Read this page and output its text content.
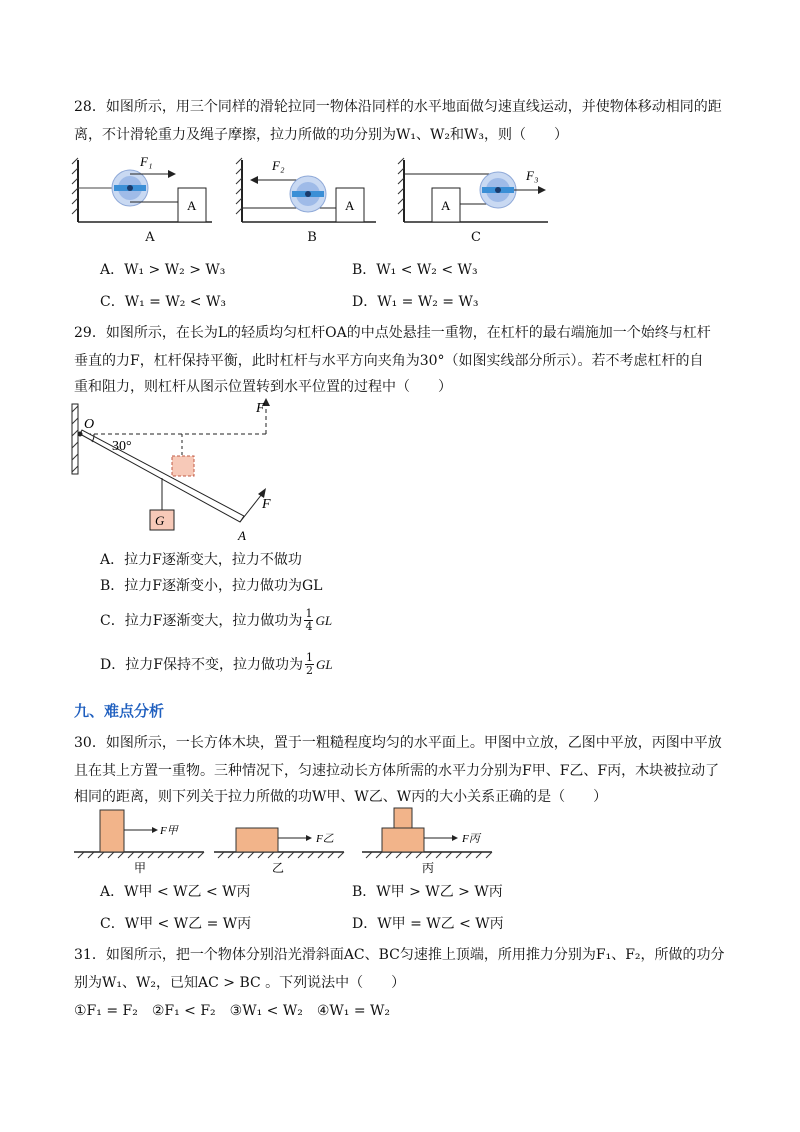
28．如图所示，用三个同样的滑轮拉同一物体沿同样的水平地面做匀速直线运动，并使物体移动相同的距
离，不计滑轮重力及绳子摩擦，拉力所做的功分别为W₁、W₂和W₃，则（　　）
F₁
A
A
F₂
A
B
A
F₃
C
A．W₁ > W₂ > W₃	B．W₁ < W₂ < W₃
C．W₁ = W₂ < W₃	D．W₁ = W₂ = W₃
29．如图所示，在长为L的轻质均匀杠杆OA的中点处悬挂一重物，在杠杆的最右端施加一个始终与杠杆
垂直的力F，杠杆保持平衡，此时杠杆与水平方向夹角为30°（如图实线部分所示）。若不考虑杠杆的自
重和阻力，则杠杆从图示位置转到水平位置的过程中（　　）
F
F
G
O
30°
A
A．拉力F逐渐变大，拉力不做功
B．拉力F逐渐变小，拉力做功为GL
C．拉力F逐渐变大，拉力做功为 1
4 GL
D．拉力F保持不变，拉力做功为 1
2 GL
九、难点分析
30．如图所示，一长方体木块，置于一粗糙程度均匀的水平面上。甲图中立放，乙图中平放，丙图中平放
且在其上方置一重物。三种情况下，匀速拉动长方体所需的水平力分别为F甲、F乙、F丙，木块被拉动了
相同的距离，则下列关于拉力所做的功W甲、W乙、W丙的大小关系正确的是（　　）
F甲
F乙	F丙
甲	乙	丙
A．W甲 < W乙 < W丙	B．W甲 > W乙 > W丙
C．W甲 < W乙 = W丙	D．W甲 = W乙 < W丙
31．如图所示，把一个物体分别沿光滑斜面AC、BC匀速推上顶端，所用推力分别为F₁、F₂，所做的功分
别为W₁、W₂，已知AC > BC 。下列说法中（　　）
①F₁ = F₂　②F₁ < F₂　③W₁ < W₂　④W₁ = W₂
